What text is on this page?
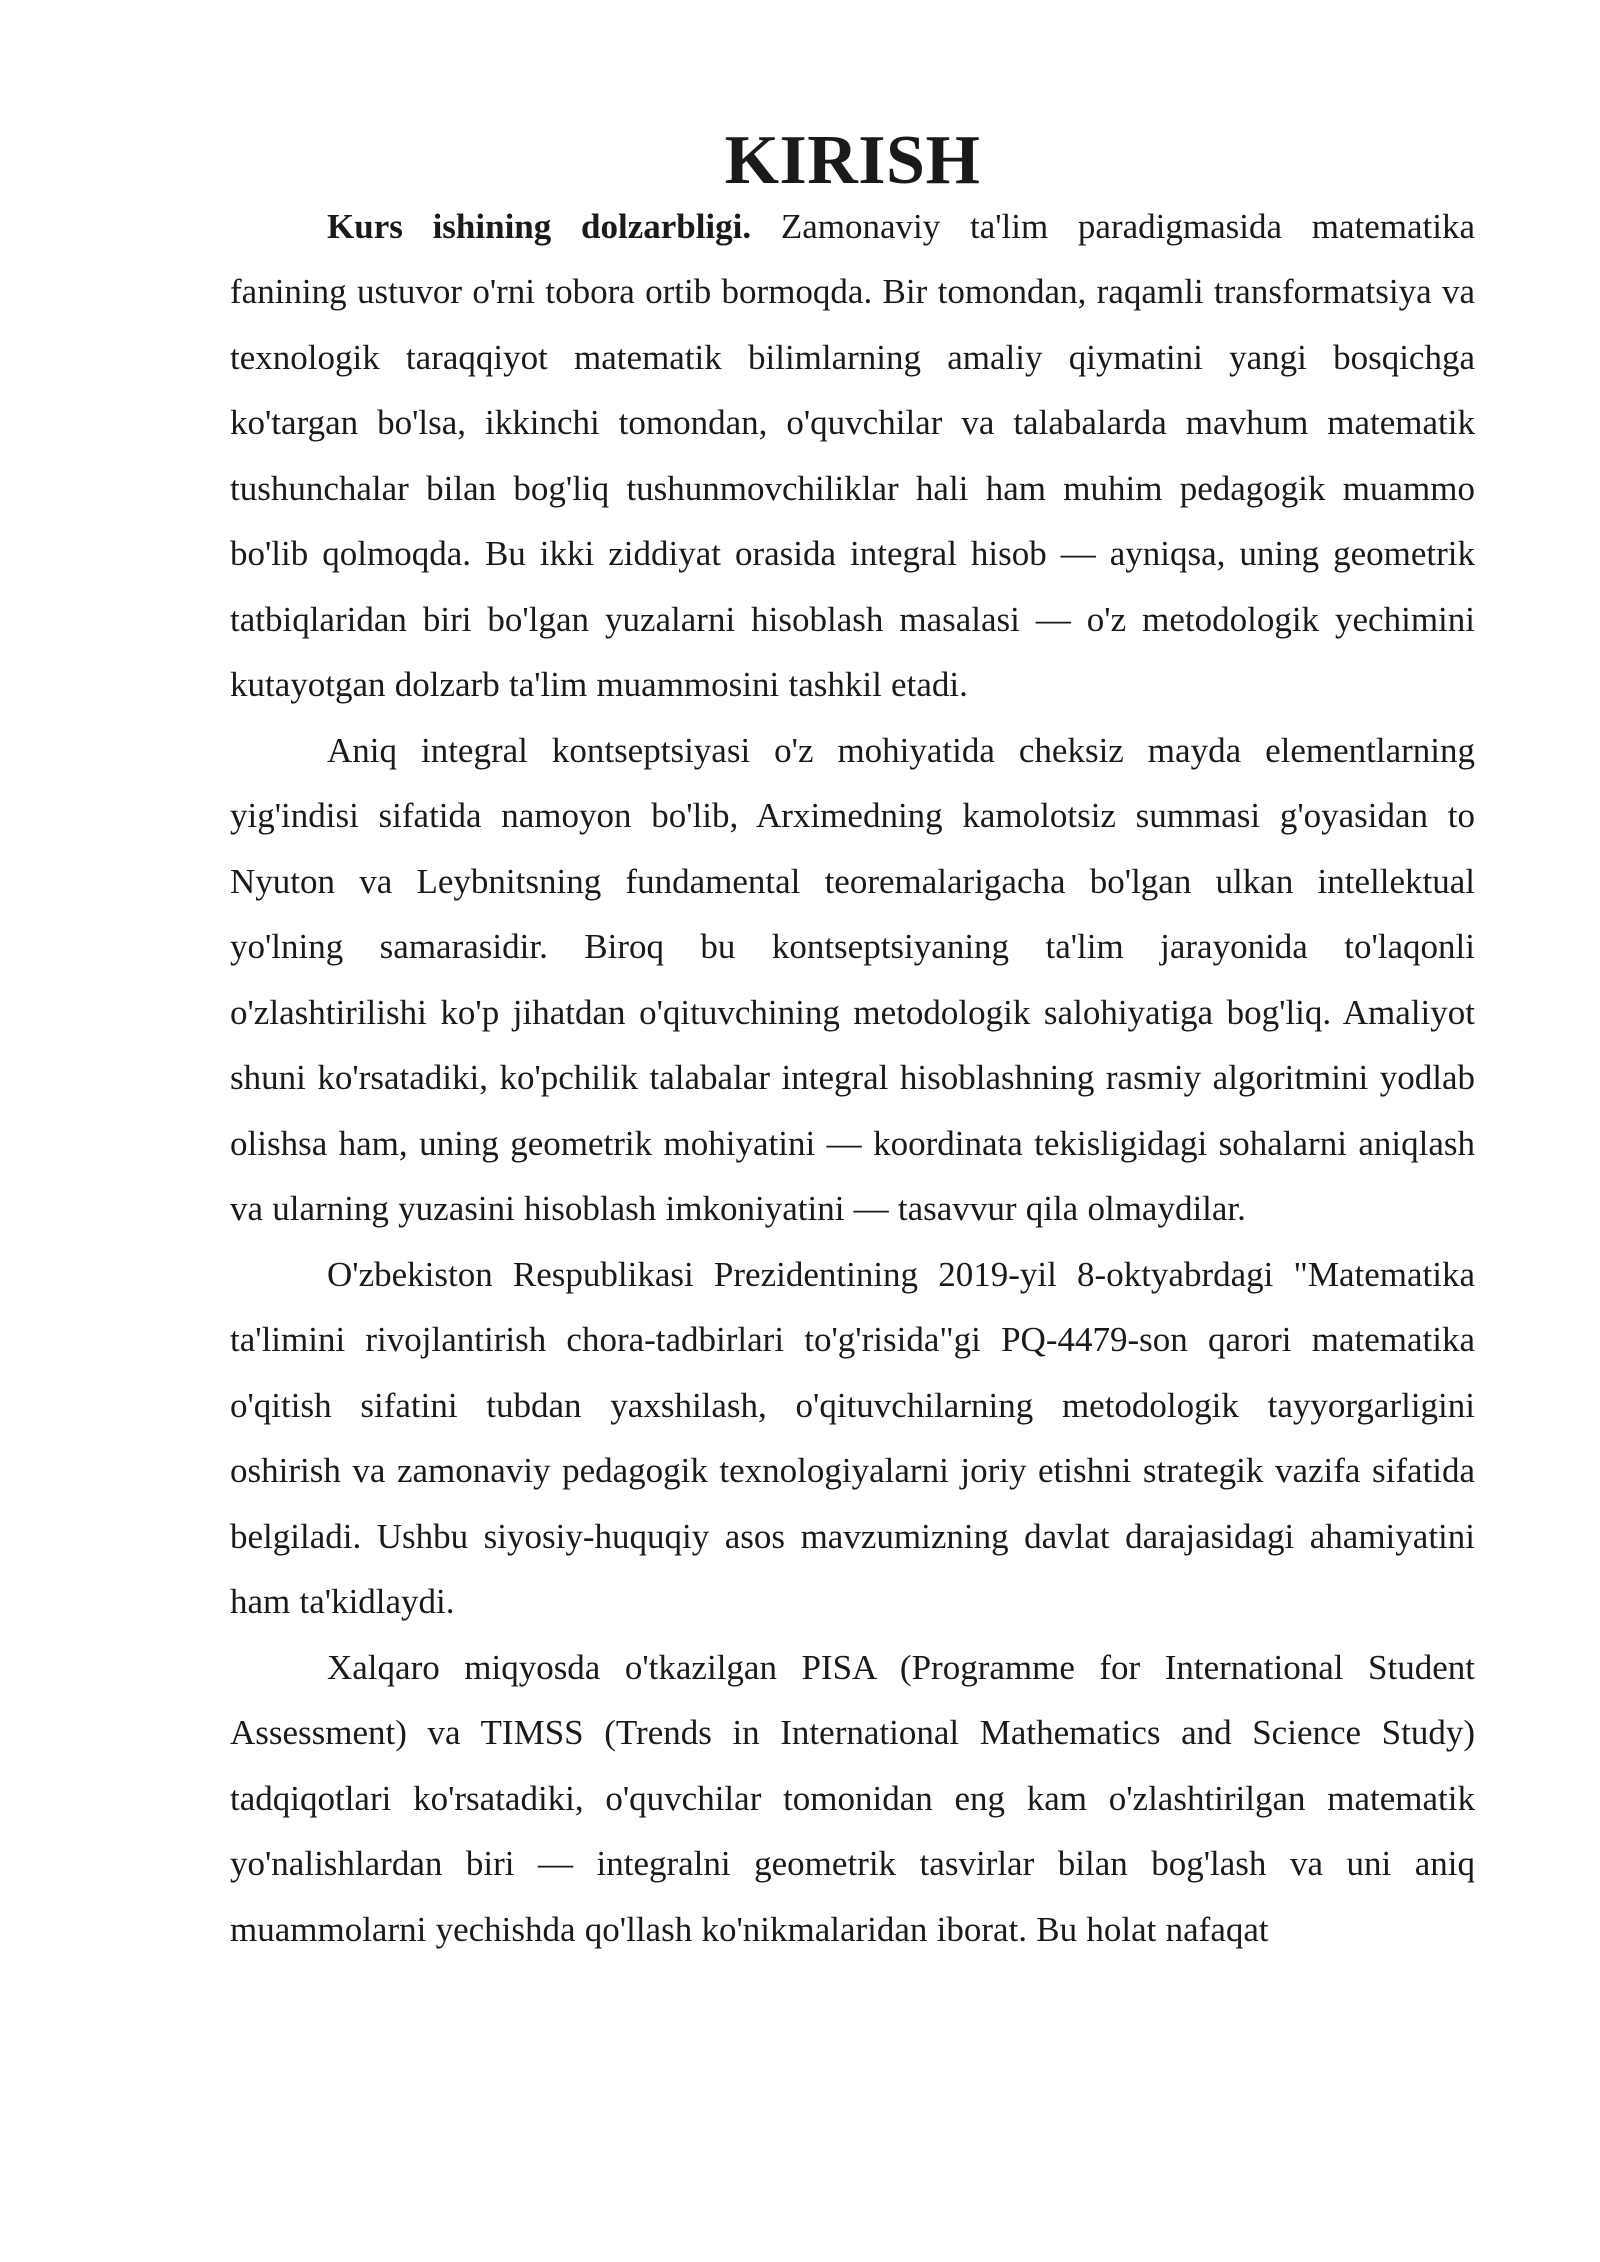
KIRISH

Kurs ishining dolzarbligi. Zamonaviy ta'lim paradigmasida matematika fanining ustuvor o'rni tobora ortib bormoqda. Bir tomondan, raqamli transformatsiya va texnologik taraqqiyot matematik bilimlarning amaliy qiymatini yangi bosqichga ko'targan bo'lsa, ikkinchi tomondan, o'quvchilar va talabalarda mavhum matematik tushunchalar bilan bog'liq tushunmovchiliklar hali ham muhim pedagogik muammo bo'lib qolmoqda. Bu ikki ziddiyat orasida integral hisob — ayniqsa, uning geometrik tatbiqlaridan biri bo'lgan yuzalarni hisoblash masalasi — o'z metodologik yechimini kutayotgan dolzarb ta'lim muammosini tashkil etadi.

Aniq integral kontseptsiyasi o'z mohiyatida cheksiz mayda elementlarning yig'indisi sifatida namoyon bo'lib, Arximedning kamolotsiz summasi g'oyasidan to Nyuton va Leybnitsning fundamental teoremalarigacha bo'lgan ulkan intellektual yo'lning samarasidir. Biroq bu kontseptsiyaning ta'lim jarayonida to'laqonli o'zlashtirilishi ko'p jihatdan o'qituvchining metodologik salohiyatiga bog'liq. Amaliyot shuni ko'rsatadiki, ko'pchilik talabalar integral hisoblashning rasmiy algoritmini yodlab olishsa ham, uning geometrik mohiyatini — koordinata tekisligidagi sohalarni aniqlash va ularning yuzasini hisoblash imkoniyatini — tasavvur qila olmaydilar.

O'zbekiston Respublikasi Prezidentining 2019-yil 8-oktyabrdagi "Matematika ta'limini rivojlantirish chora-tadbirlari to'g'risida"gi PQ-4479-son qarori matematika o'qitish sifatini tubdan yaxshilash, o'qituvchilarning metodologik tayyorgarligini oshirish va zamonaviy pedagogik texnologiyalarni joriy etishni strategik vazifa sifatida belgiladi. Ushbu siyosiy-huquqiy asos mavzumizning davlat darajasidagi ahamiyatini ham ta'kidlaydi.

Xalqaro miqyosda o'tkazilgan PISA (Programme for International Student Assessment) va TIMSS (Trends in International Mathematics and Science Study) tadqiqotlari ko'rsatadiki, o'quvchilar tomonidan eng kam o'zlashtirilgan matematik yo'nalishlardan biri — integralni geometrik tasvirlar bilan bog'lash va uni aniq muammolarni yechishda qo'llash ko'nikmalaridan iborat. Bu holat nafaqat
